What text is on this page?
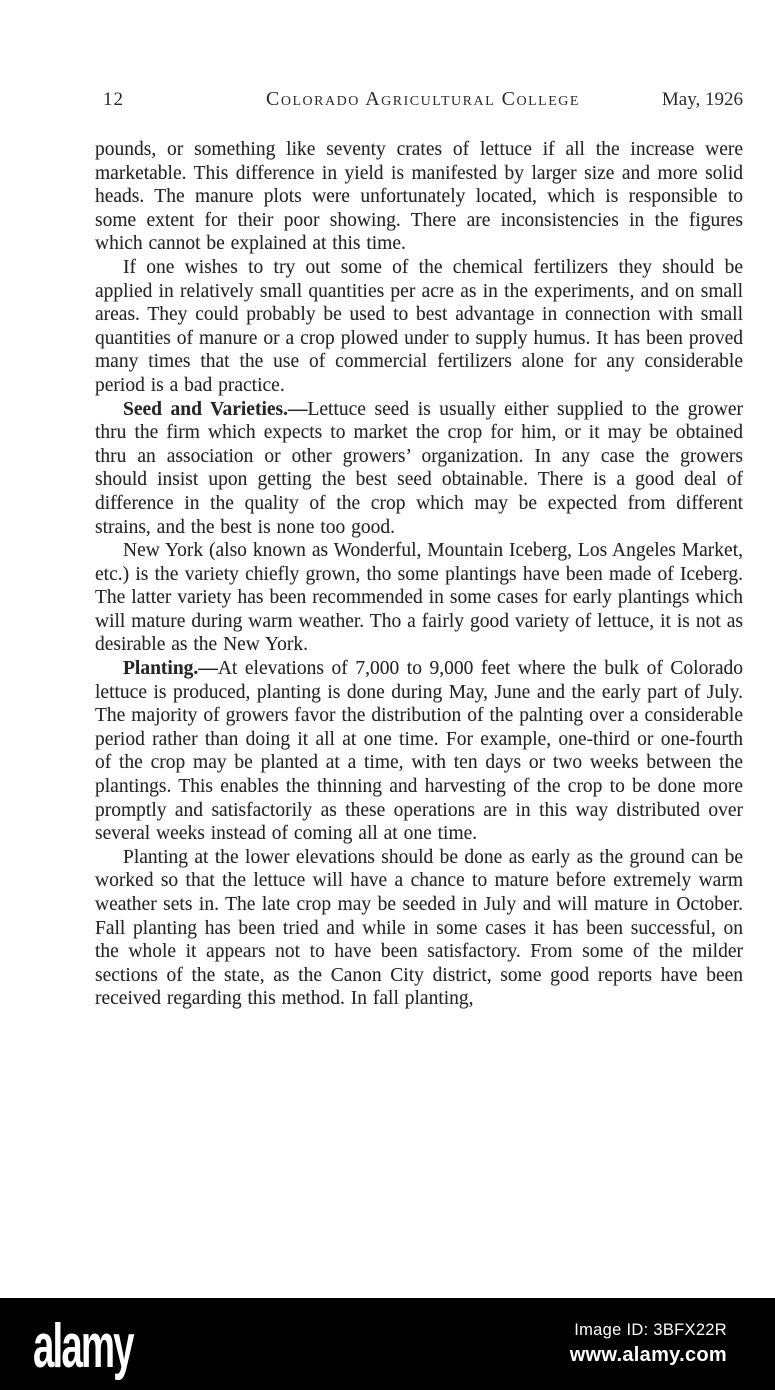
12	Colorado Agricultural College	May, 1926

pounds, or something like seventy crates of lettuce if all the increase were marketable. This difference in yield is manifested by larger size and more solid heads. The manure plots were unfortunately located, which is responsible to some extent for their poor showing. There are inconsistencies in the figures which cannot be explained at this time.

If one wishes to try out some of the chemical fertilizers they should be applied in relatively small quantities per acre as in the experiments, and on small areas. They could probably be used to best advantage in connection with small quantities of manure or a crop plowed under to supply humus. It has been proved many times that the use of commercial fertilizers alone for any considerable period is a bad practice.

Seed and Varieties.—Lettuce seed is usually either supplied to the grower thru the firm which expects to market the crop for him, or it may be obtained thru an association or other growers’ organization. In any case the growers should insist upon getting the best seed obtainable. There is a good deal of difference in the quality of the crop which may be expected from different strains, and the best is none too good.

New York (also known as Wonderful, Mountain Iceberg, Los Angeles Market, etc.) is the variety chiefly grown, tho some plantings have been made of Iceberg. The latter variety has been recommended in some cases for early plantings which will mature during warm weather. Tho a fairly good variety of lettuce, it is not as desirable as the New York.

Planting.—At elevations of 7,000 to 9,000 feet where the bulk of Colorado lettuce is produced, planting is done during May, June and the early part of July. The majority of growers favor the distribution of the palnting over a considerable period rather than doing it all at one time. For example, one-third or one-fourth of the crop may be planted at a time, with ten days or two weeks between the plantings. This enables the thinning and harvesting of the crop to be done more promptly and satisfactorily as these operations are in this way distributed over several weeks instead of coming all at one time.

Planting at the lower elevations should be done as early as the ground can be worked so that the lettuce will have a chance to mature before extremely warm weather sets in. The late crop may be seeded in July and will mature in October. Fall planting has been tried and while in some cases it has been successful, on the whole it appears not to have been satisfactory. From some of the milder sections of the state, as the Canon City district, some good reports have been received regarding this method. In fall planting,

alamy	Image ID: 3BFX22R
www.alamy.com
